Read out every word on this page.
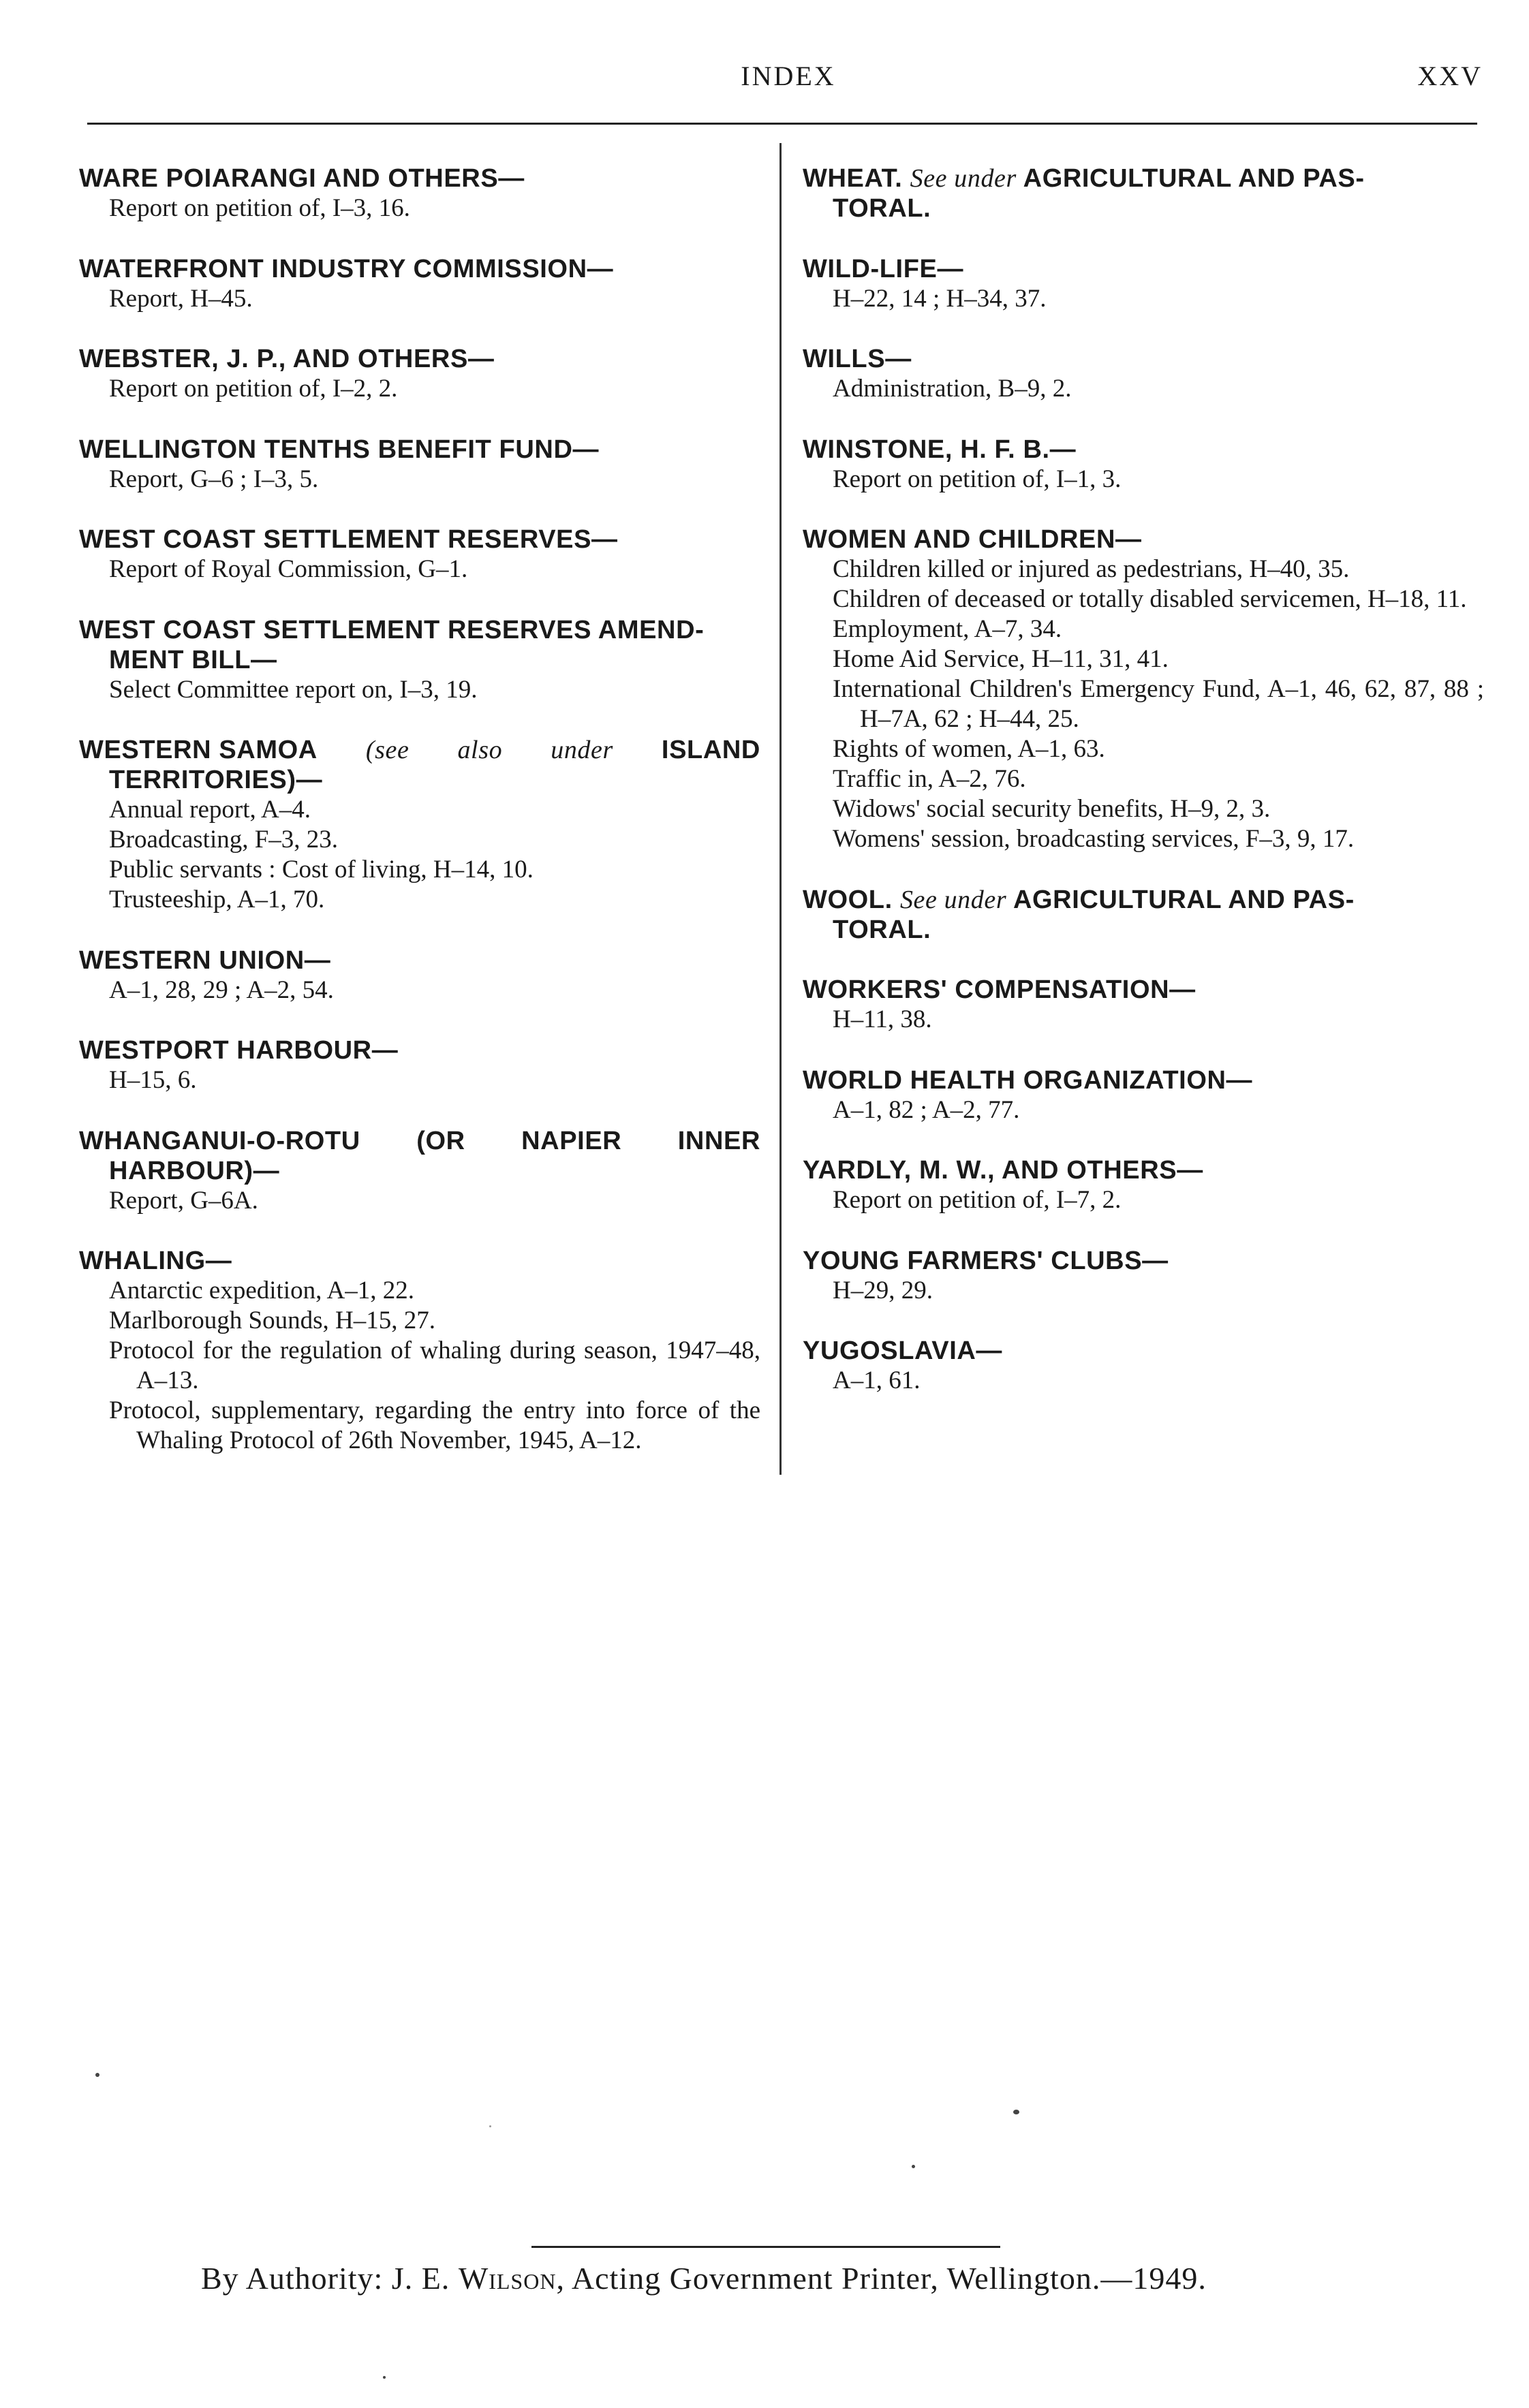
INDEX	XXV
WARE POIARANGI AND OTHERS—
Report on petition of, I–3, 16.
WATERFRONT INDUSTRY COMMISSION—
Report, H–45.
WEBSTER, J. P., AND OTHERS—
Report on petition of, I–2, 2.
WELLINGTON TENTHS BENEFIT FUND—
Report, G–6 ; I–3, 5.
WEST COAST SETTLEMENT RESERVES—
Report of Royal Commission, G–1.
WEST COAST SETTLEMENT RESERVES AMEND-
MENT BILL—
Select Committee report on, I–3, 19.
WESTERN SAMOA (see also under ISLAND
TERRITORIES)—
Annual report, A–4.
Broadcasting, F–3, 23.
Public servants : Cost of living, H–14, 10.
Trusteeship, A–1, 70.
WESTERN UNION—
A–1, 28, 29 ; A–2, 54.
WESTPORT HARBOUR—
H–15, 6.
WHANGANUI-O-ROTU (OR NAPIER INNER
HARBOUR)—
Report, G–6A.
WHALING—
Antarctic expedition, A–1, 22.
Marlborough Sounds, H–15, 27.
Protocol for the regulation of whaling during season, 1947–48, A–13.
Protocol, supplementary, regarding the entry into force of the Whaling Protocol of 26th November, 1945, A–12.
WHEAT. See under AGRICULTURAL AND PAS-
TORAL.
WILD-LIFE—
H–22, 14 ; H–34, 37.
WILLS—
Administration, B–9, 2.
WINSTONE, H. F. B.—
Report on petition of, I–1, 3.
WOMEN AND CHILDREN—
Children killed or injured as pedestrians, H–40, 35.
Children of deceased or totally disabled servicemen, H–18, 11.
Employment, A–7, 34.
Home Aid Service, H–11, 31, 41.
International Children's Emergency Fund, A–1, 46, 62, 87, 88 ; H–7A, 62 ; H–44, 25.
Rights of women, A–1, 63.
Traffic in, A–2, 76.
Widows' social security benefits, H–9, 2, 3.
Womens' session, broadcasting services, F–3, 9, 17.
WOOL. See under AGRICULTURAL AND PAS-
TORAL.
WORKERS' COMPENSATION—
H–11, 38.
WORLD HEALTH ORGANIZATION—
A–1, 82 ; A–2, 77.
YARDLY, M. W., AND OTHERS—
Report on petition of, I–7, 2.
YOUNG FARMERS' CLUBS—
H–29, 29.
YUGOSLAVIA—
A–1, 61.
By Authority: J. E. Wilson, Acting Government Printer, Wellington.—1949.
